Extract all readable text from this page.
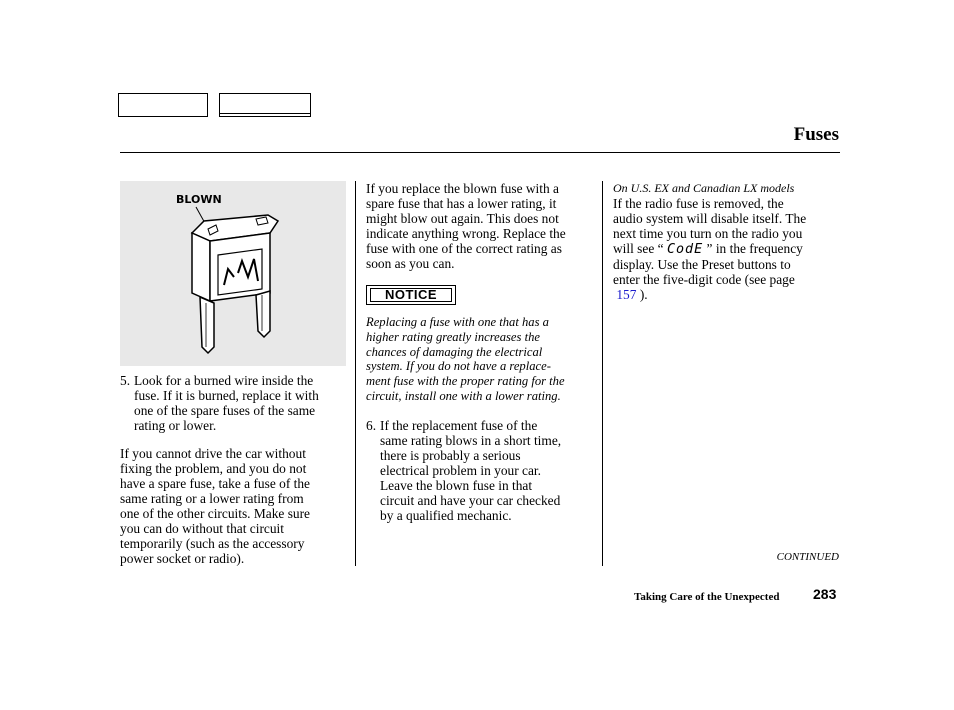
Fuses
BLOWN
5. Look for a burned wire inside the
fuse. If it is burned, replace it with
one of the spare fuses of the same
rating or lower.
If you cannot drive the car without
fixing the problem, and you do not
have a spare fuse, take a fuse of the
same rating or a lower rating from
one of the other circuits. Make sure
you can do without that circuit
temporarily (such as the accessory
power socket or radio).
If you replace the blown fuse with a
spare fuse that has a lower rating, it
might blow out again. This does not
indicate anything wrong. Replace the
fuse with one of the correct rating as
soon as you can.
NOTICE
Replacing a fuse with one that has a
higher rating greatly increases the
chances of damaging the electrical
system. If you do not have a replace-
ment fuse with the proper rating for the
circuit, install one with a lower rating.
6. If the replacement fuse of the
same rating blows in a short time,
there is probably a serious
electrical problem in your car.
Leave the blown fuse in that
circuit and have your car checked
by a qualified mechanic.
On U.S. EX and Canadian LX models
If the radio fuse is removed, the
audio system will disable itself. The
next time you turn on the radio you
will see “ CodE ” in the frequency
display. Use the Preset buttons to
enter the five-digit code (see page
157 ).
CONTINUED
Taking Care of the Unexpected 283
